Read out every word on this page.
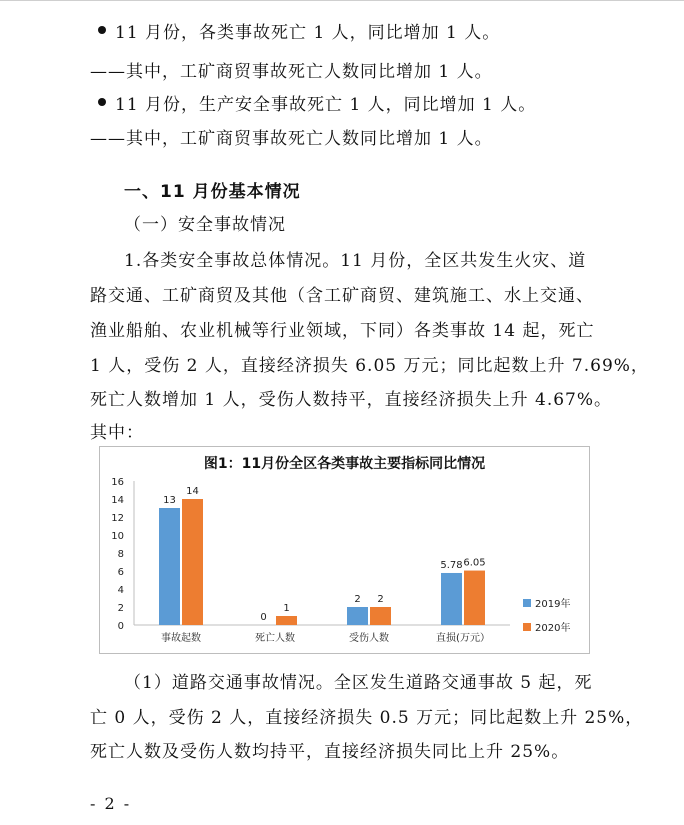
11 月份，各类事故死亡 1 人，同比增加 1 人。
——其中，工矿商贸事故死亡人数同比增加 1 人。
11 月份，生产安全事故死亡 1 人，同比增加 1 人。
——其中，工矿商贸事故死亡人数同比增加 1 人。
一、11 月份基本情况
（一）安全事故情况
1.各类安全事故总体情况。11 月份，全区共发生火灾、道
路交通、工矿商贸及其他（含工矿商贸、建筑施工、水上交通、
渔业船舶、农业机械等行业领域，下同）各类事故 14 起，死亡
1 人，受伤 2 人，直接经济损失 6.05 万元；同比起数上升 7.69%，
死亡人数增加 1 人，受伤人数持平，直接经济损失上升 4.67%。
其中：
图1：11月份全区各类事故主要指标同比情况
0
2
4
6
8
10
12
14
16
13
14
事故起数
0
1
死亡人数
2 2
受伤人数
5.78 6.05
直损(万元）
2019年
2020年
（1）道路交通事故情况。全区发生道路交通事故 5 起，死
亡 0 人，受伤 2 人，直接经济损失 0.5 万元；同比起数上升 25%，
死亡人数及受伤人数均持平，直接经济损失同比上升 25%。
- 2 -
